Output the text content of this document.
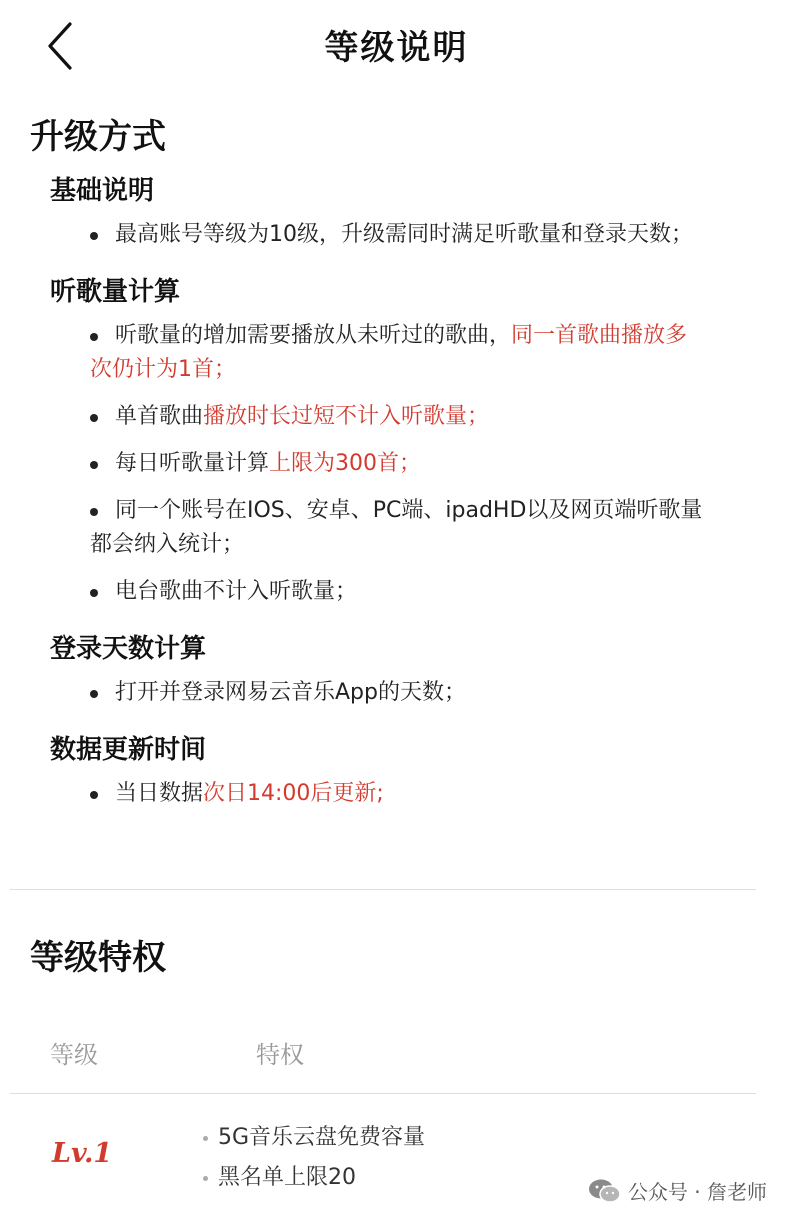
等级说明
升级方式
基础说明
最高账号等级为10级，升级需同时满足听歌量和登录天数；
听歌量计算
听歌量的增加需要播放从未听过的歌曲，同一首歌曲播放多次仍计为1首；
单首歌曲播放时长过短不计入听歌量；
每日听歌量计算上限为300首；
同一个账号在IOS、安卓、PC端、ipadHD以及网页端听歌量都会纳入统计；
电台歌曲不计入听歌量；
登录天数计算
打开并登录网易云音乐App的天数；
数据更新时间
当日数据次日14:00后更新;
等级特权
等级	特权
Lv.1
5G音乐云盘免费容量
黑名单上限20
公众号 · 詹老师
